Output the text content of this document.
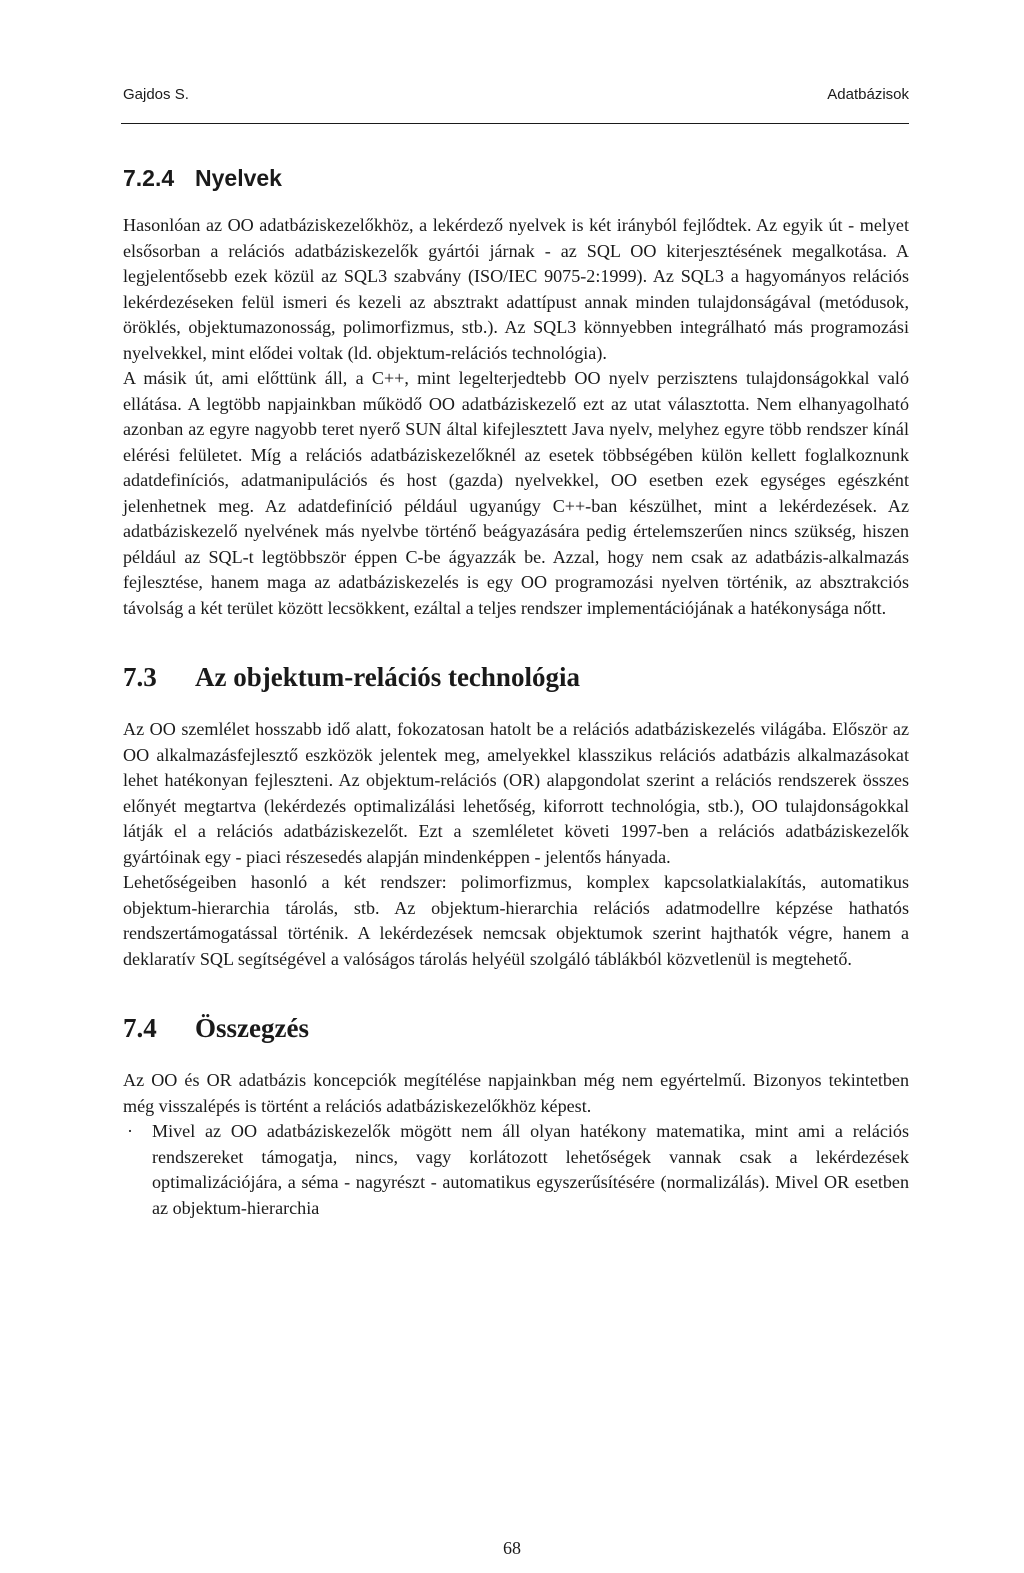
Gajdos S.	Adatbázisok
7.2.4 Nyelvek

Hasonlóan az OO adatbáziskezelőkhöz, a lekérdező nyelvek is két irányból fejlődtek. Az egyik út - melyet elsősorban a relációs adatbáziskezelők gyártói járnak - az SQL OO kiterjesztésének megalkotása. A legjelentősebb ezek közül az SQL3 szabvány (ISO/IEC 9075-2:1999). Az SQL3 a hagyományos relációs lekérdezéseken felül ismeri és kezeli az absztrakt adattípust annak minden tulajdonságával (metódusok, öröklés, objektumazonosság, polimorfizmus, stb.). Az SQL3 könnyebben integrálható más programozási nyelvekkel, mint elődei voltak (ld. objektum-relációs technológia).

A másik út, ami előttünk áll, a C++, mint legelterjedtebb OO nyelv perzisztens tulajdonságokkal való ellátása. A legtöbb napjainkban működő OO adatbáziskezelő ezt az utat választotta. Nem elhanyagolható azonban az egyre nagyobb teret nyerő SUN által kifejlesztett Java nyelv, melyhez egyre több rendszer kínál elérési felületet. Míg a relációs adatbáziskezelőknél az esetek többségében külön kellett foglalkoznunk adatdefiníciós, adatmanipulációs és host (gazda) nyelvekkel, OO esetben ezek egységes egészként jelenhetnek meg. Az adatdefiníció például ugyanúgy C++-ban készülhet, mint a lekérdezések. Az adatbáziskezelő nyelvének más nyelvbe történő beágyazására pedig értelemszerűen nincs szükség, hiszen például az SQL-t legtöbbször éppen C-be ágyazzák be. Azzal, hogy nem csak az adatbázis-alkalmazás fejlesztése, hanem maga az adatbáziskezelés is egy OO programozási nyelven történik, az absztrakciós távolság a két terület között lecsökkent, ezáltal a teljes rendszer implementációjának a hatékonysága nőtt.

7.3 Az objektum-relációs technológia

Az OO szemlélet hosszabb idő alatt, fokozatosan hatolt be a relációs adatbáziskezelés világába. Először az OO alkalmazásfejlesztő eszközök jelentek meg, amelyekkel klasszikus relációs adatbázis alkalmazásokat lehet hatékonyan fejleszteni. Az objektum-relációs (OR) alapgondolat szerint a relációs rendszerek összes előnyét megtartva (lekérdezés optimalizálási lehetőség, kiforrott technológia, stb.), OO tulajdonságokkal látják el a relációs adatbáziskezelőt. Ezt a szemléletet követi 1997-ben a relációs adatbáziskezelők gyártóinak egy - piaci részesedés alapján mindenképpen - jelentős hányada.

Lehetőségeiben hasonló a két rendszer: polimorfizmus, komplex kapcsolatkialakítás, automatikus objektum-hierarchia tárolás, stb. Az objektum-hierarchia relációs adatmodellre képzése hathatós rendszertámogatással történik. A lekérdezések nemcsak objektumok szerint hajthatók végre, hanem a deklaratív SQL segítségével a valóságos tárolás helyéül szolgáló táblákból közvetlenül is megtehető.

7.4 Összegzés

Az OO és OR adatbázis koncepciók megítélése napjainkban még nem egyértelmű. Bizonyos tekintetben még visszalépés is történt a relációs adatbáziskezelőkhöz képest.

· Mivel az OO adatbáziskezelők mögött nem áll olyan hatékony matematika, mint ami a relációs rendszereket támogatja, nincs, vagy korlátozott lehetőségek vannak csak a lekérdezések optimalizációjára, a séma - nagyrészt - automatikus egyszerűsítésére (normalizálás). Mivel OR esetben az objektum-hierarchia

68
